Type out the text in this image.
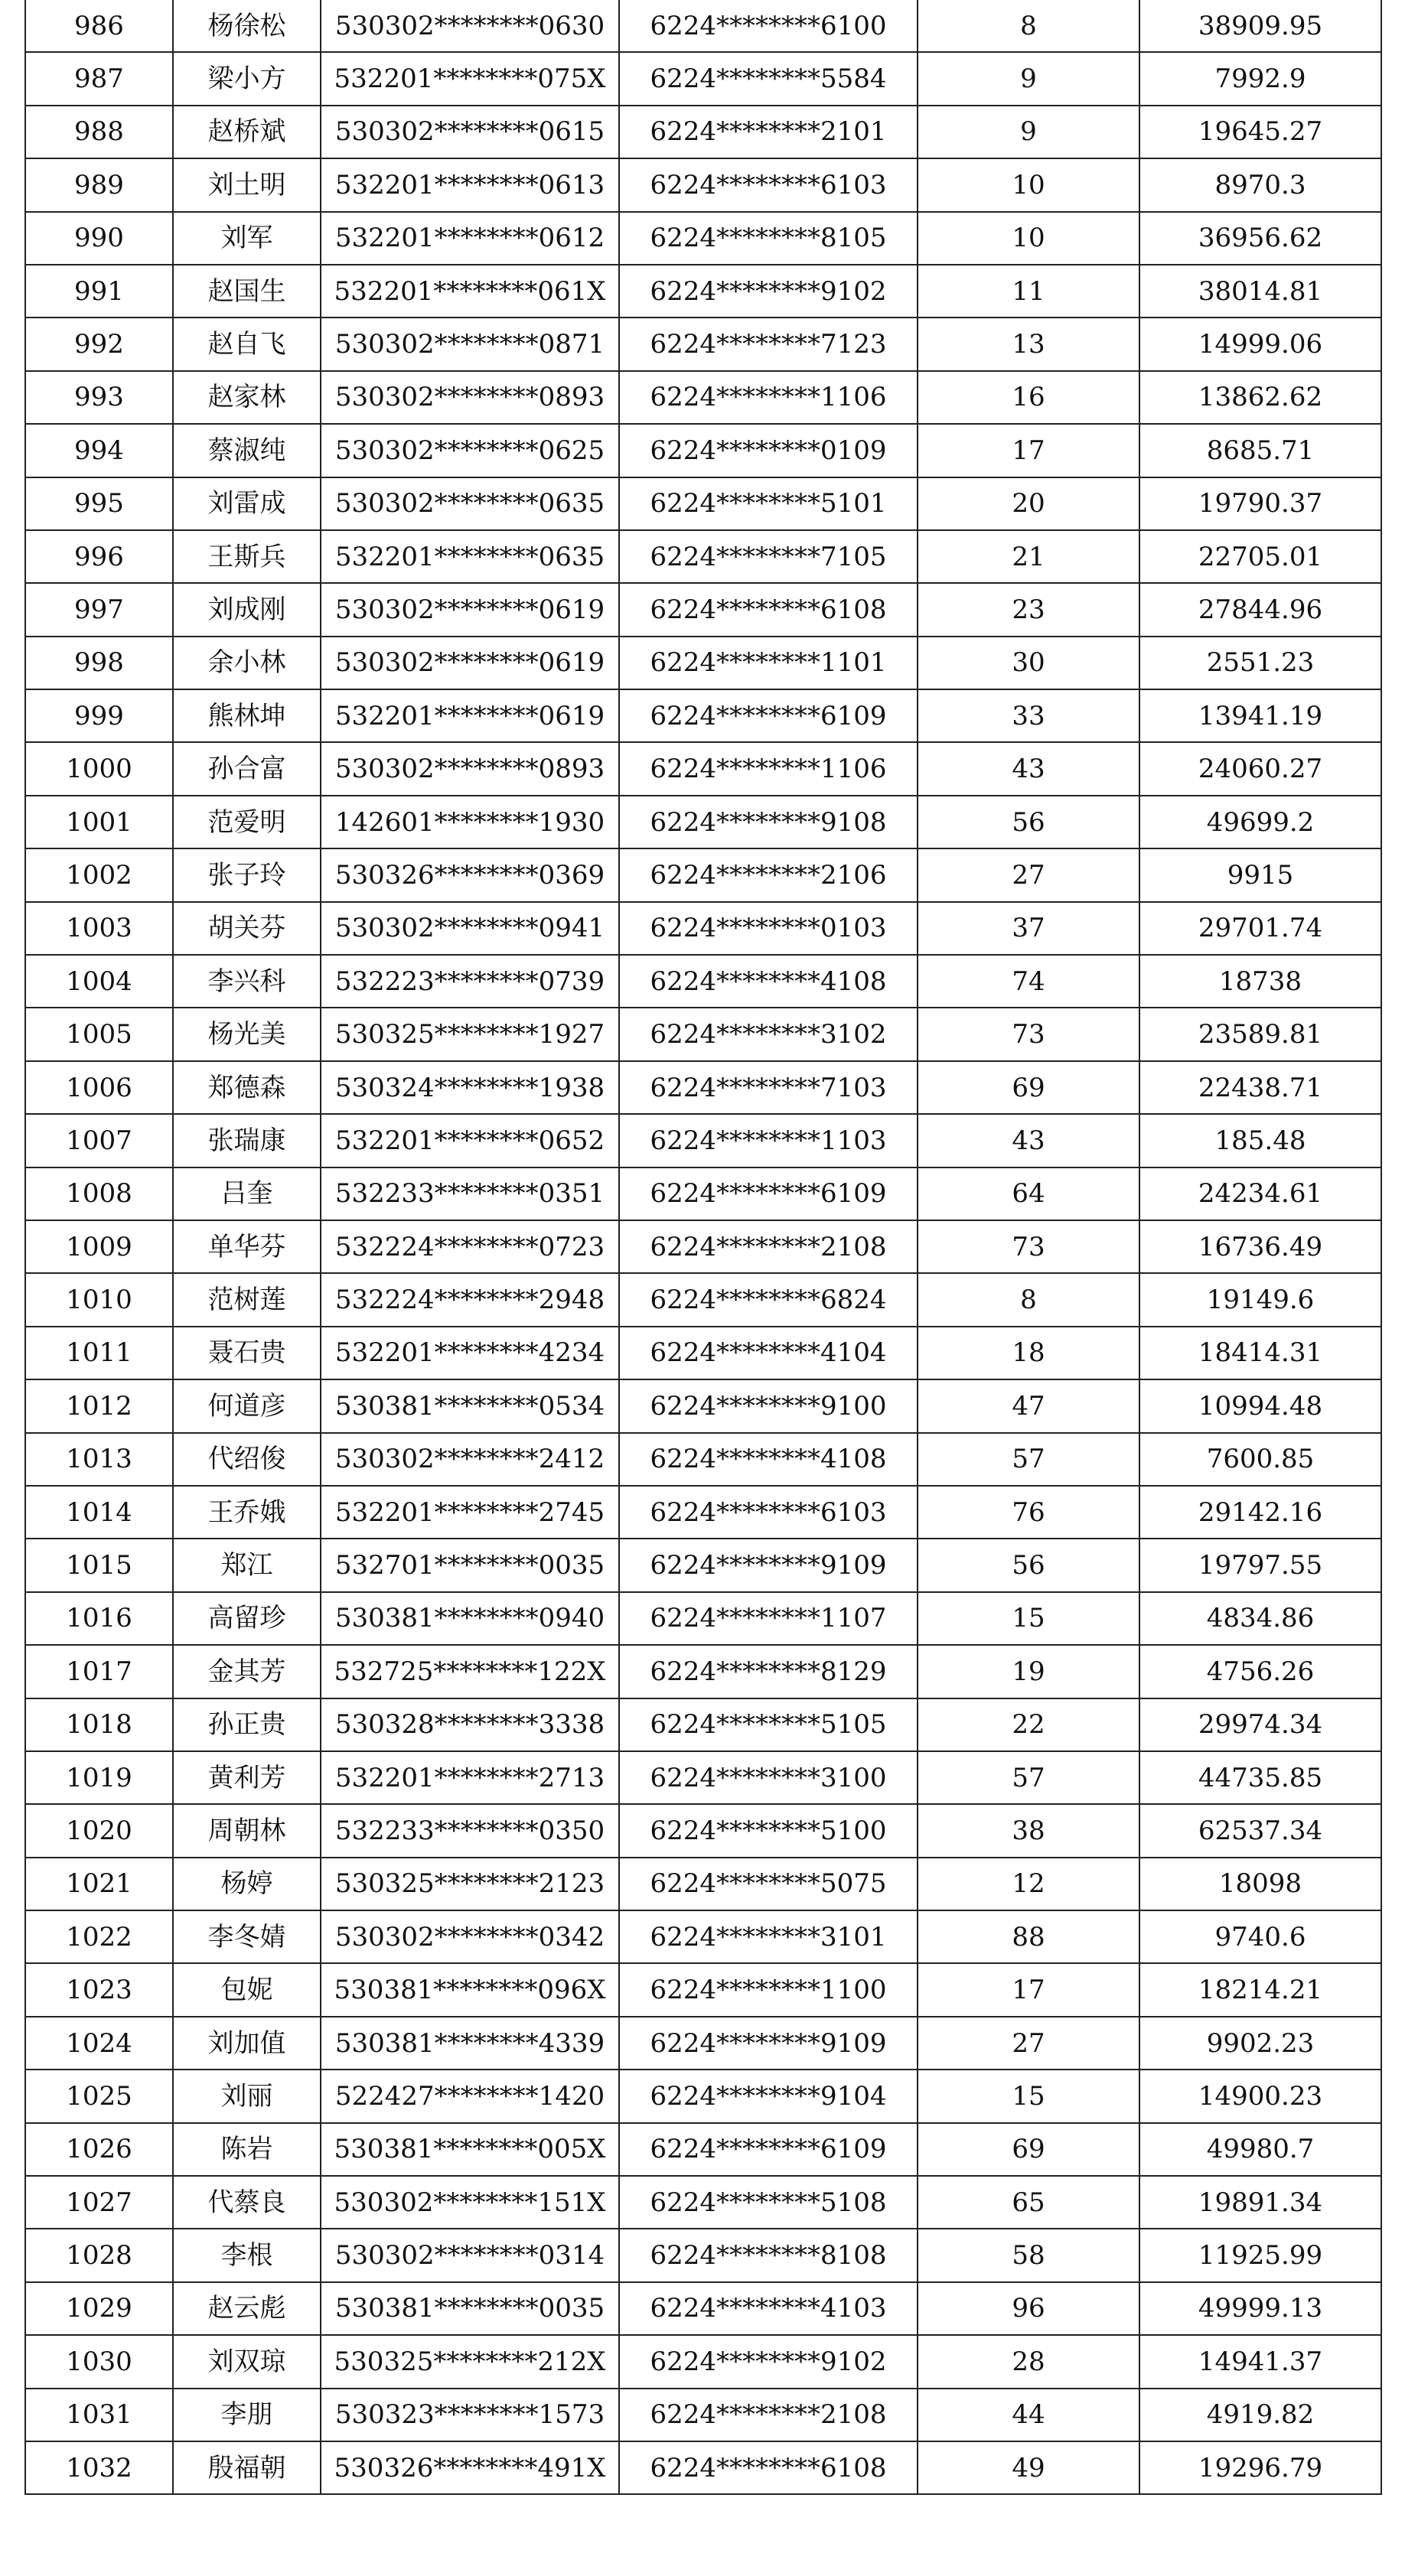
986	杨徐松	530302********0630	6224********6100	8	38909.95
987	梁小方	532201********075X	6224********5584	9	7992.9
988	赵桥斌	530302********0615	6224********2101	9	19645.27
989	刘土明	532201********0613	6224********6103	10	8970.3
990	刘军	532201********0612	6224********8105	10	36956.62
991	赵国生	532201********061X	6224********9102	11	38014.81
992	赵自飞	530302********0871	6224********7123	13	14999.06
993	赵家林	530302********0893	6224********1106	16	13862.62
994	蔡淑纯	530302********0625	6224********0109	17	8685.71
995	刘雷成	530302********0635	6224********5101	20	19790.37
996	王斯兵	532201********0635	6224********7105	21	22705.01
997	刘成刚	530302********0619	6224********6108	23	27844.96
998	余小林	530302********0619	6224********1101	30	2551.23
999	熊林坤	532201********0619	6224********6109	33	13941.19
1000	孙合富	530302********0893	6224********1106	43	24060.27
1001	范爱明	142601********1930	6224********9108	56	49699.2
1002	张子玲	530326********0369	6224********2106	27	9915
1003	胡关芬	530302********0941	6224********0103	37	29701.74
1004	李兴科	532223********0739	6224********4108	74	18738
1005	杨光美	530325********1927	6224********3102	73	23589.81
1006	郑德森	530324********1938	6224********7103	69	22438.71
1007	张瑞康	532201********0652	6224********1103	43	185.48
1008	吕奎	532233********0351	6224********6109	64	24234.61
1009	单华芬	532224********0723	6224********2108	73	16736.49
1010	范树莲	532224********2948	6224********6824	8	19149.6
1011	聂石贵	532201********4234	6224********4104	18	18414.31
1012	何道彦	530381********0534	6224********9100	47	10994.48
1013	代绍俊	530302********2412	6224********4108	57	7600.85
1014	王乔娥	532201********2745	6224********6103	76	29142.16
1015	郑江	532701********0035	6224********9109	56	19797.55
1016	高留珍	530381********0940	6224********1107	15	4834.86
1017	金其芳	532725********122X	6224********8129	19	4756.26
1018	孙正贵	530328********3338	6224********5105	22	29974.34
1019	黄利芳	532201********2713	6224********3100	57	44735.85
1020	周朝林	532233********0350	6224********5100	38	62537.34
1021	杨婷	530325********2123	6224********5075	12	18098
1022	李冬婧	530302********0342	6224********3101	88	9740.6
1023	包妮	530381********096X	6224********1100	17	18214.21
1024	刘加值	530381********4339	6224********9109	27	9902.23
1025	刘丽	522427********1420	6224********9104	15	14900.23
1026	陈岩	530381********005X	6224********6109	69	49980.7
1027	代蔡良	530302********151X	6224********5108	65	19891.34
1028	李根	530302********0314	6224********8108	58	11925.99
1029	赵云彪	530381********0035	6224********4103	96	49999.13
1030	刘双琼	530325********212X	6224********9102	28	14941.37
1031	李朋	530323********1573	6224********2108	44	4919.82
1032	殷福朝	530326********491X	6224********6108	49	19296.79
